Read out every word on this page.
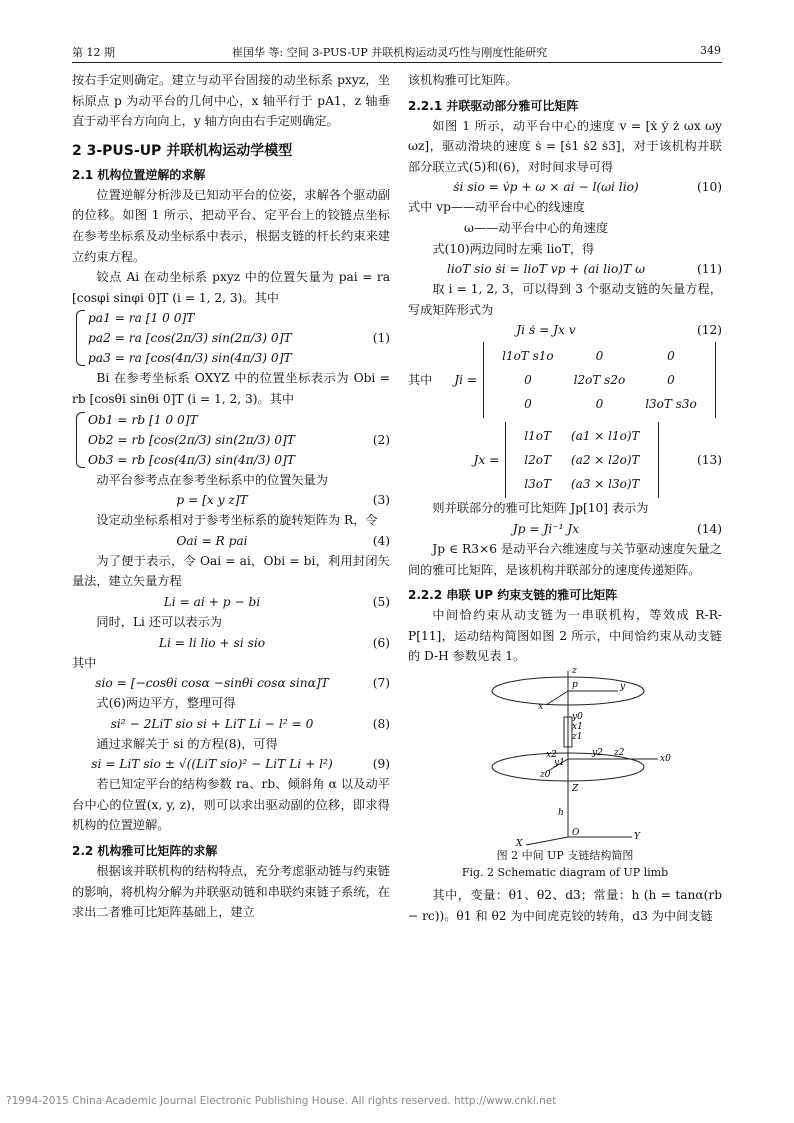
第 12 期	崔国华 等: 空间 3-PUS-UP 并联机构运动灵巧性与刚度性能研究	349

按右手定则确定。建立与动平台固接的动坐标系 pxyz，坐标原点 p 为动平台的几何中心，x 轴平行于 pA1，z 轴垂直于动平台方向向上，y 轴方向由右手定则确定。

2 3-PUS-UP 并联机构运动学模型
2.1 机构位置逆解的求解

位置逆解分析涉及已知动平台的位姿，求解各个驱动副的位移。如图 1 所示，把动平台、定平台上的铰链点坐标在参考坐标系及动坐标系中表示，根据支链的杆长约束来建立约束方程。

铰点 Ai 在动坐标系 pxyz 中的位置矢量为 pai = ra [cosφi sinφi 0]T (i = 1, 2, 3)。其中

pa1 = ra [1 0 0]T
pa2 = ra [cos(2π/3) sin(2π/3) 0]T
pa3 = ra [cos(4π/3) sin(4π/3) 0]T
(1)

Bi 在参考坐标系 OXYZ 中的位置坐标表示为 Obi = rb [cosθi sinθi 0]T (i = 1, 2, 3)。其中

Ob1 = rb [1 0 0]T
Ob2 = rb [cos(2π/3) sin(2π/3) 0]T
Ob3 = rb [cos(4π/3) sin(4π/3) 0]T
(2)

动平台参考点在参考坐标系中的位置矢量为

p = [x y z]T	(3)

设定动坐标系相对于参考坐标系的旋转矩阵为 R，令

Oai = R pai	(4)

为了便于表示，令 Oai = ai，Obi = bi，利用封闭矢量法，建立矢量方程

Li = ai + p − bi	(5)

同时，Li 还可以表示为

Li = li lio + si sio	(6)

其中

sio = [−cosθi cosα −sinθi cosα sinα]T	(7)

式(6)两边平方，整理可得

si² − 2LiT sio si + LiT Li − l² = 0	(8)

通过求解关于 si 的方程(8)，可得

si = LiT sio ± √((LiT sio)² − LiT Li + l²)	(9)

若已知定平台的结构参数 ra、rb、倾斜角 α 以及动平台中心的位置(x, y, z)，则可以求出驱动副的位移，即求得机构的位置逆解。

2.2 机构雅可比矩阵的求解

根据该并联机构的结构特点，充分考虑驱动链与约束链的影响，将机构分解为并联驱动链和串联约束链子系统，在求出二者雅可比矩阵基础上，建立

该机构雅可比矩阵。

2.2.1 并联驱动部分雅可比矩阵

如图 1 所示，动平台中心的速度 v = [ẋ ẏ ż ωx ωy ωz]，驱动滑块的速度 ṡ = [ṡ1 ṡ2 ṡ3]，对于该机构并联部分联立式(5)和(6)，对时间求导可得

ṡi sio = v̇p + ω × ai − l(ωi lio)	(10)

式中 vp——动平台中心的线速度

ω——动平台中心的角速度

式(10)两边同时左乘 lioT，得

lioT sio ṡi = lioT vp + (ai lio)T ω	(11)

取 i = 1, 2, 3，可以得到 3 个驱动支链的矢量方程，写成矩阵形式为

Ji ṡ = Jx v	(12)
其中	Ji =
l1oT s1o	0	0
0	l2oT s2o	0
0	0	l3oT s3o
Jx =
l1oT	(a1 × l1o)T
l2oT	(a2 × l2o)T
l3oT	(a3 × l3o)T
(13)

则并联部分的雅可比矩阵 Jp[10] 表示为

Jp = Ji⁻¹ Jx	(14)

Jp ∈ R3×6 是动平台六维速度与关节驱动速度矢量之间的雅可比矩阵，是该机构并联部分的速度传递矩阵。

2.2.2 串联 UP 约束支链的雅可比矩阵

中间恰约束从动支链为一串联机构，等效成 R-R-P[11]，运动结构简图如图 2 所示，中间恰约束从动支链的 D-H 参数见表 1。

z
p	y
x
y0
x1
z1
y2 z2
x0
x2
y1
z0
Z
h
O	Y
X
图 2 中间 UP 支链结构简图
Fig. 2 Schematic diagram of UP limb

其中，变量：θ1、θ2、d3；常量：h (h = tanα(rb − rc))。θ1 和 θ2 为中间虎克铰的转角，d3 为中间支链

?1994-2015 China Academic Journal Electronic Publishing House. All rights reserved. http://www.cnki.net
